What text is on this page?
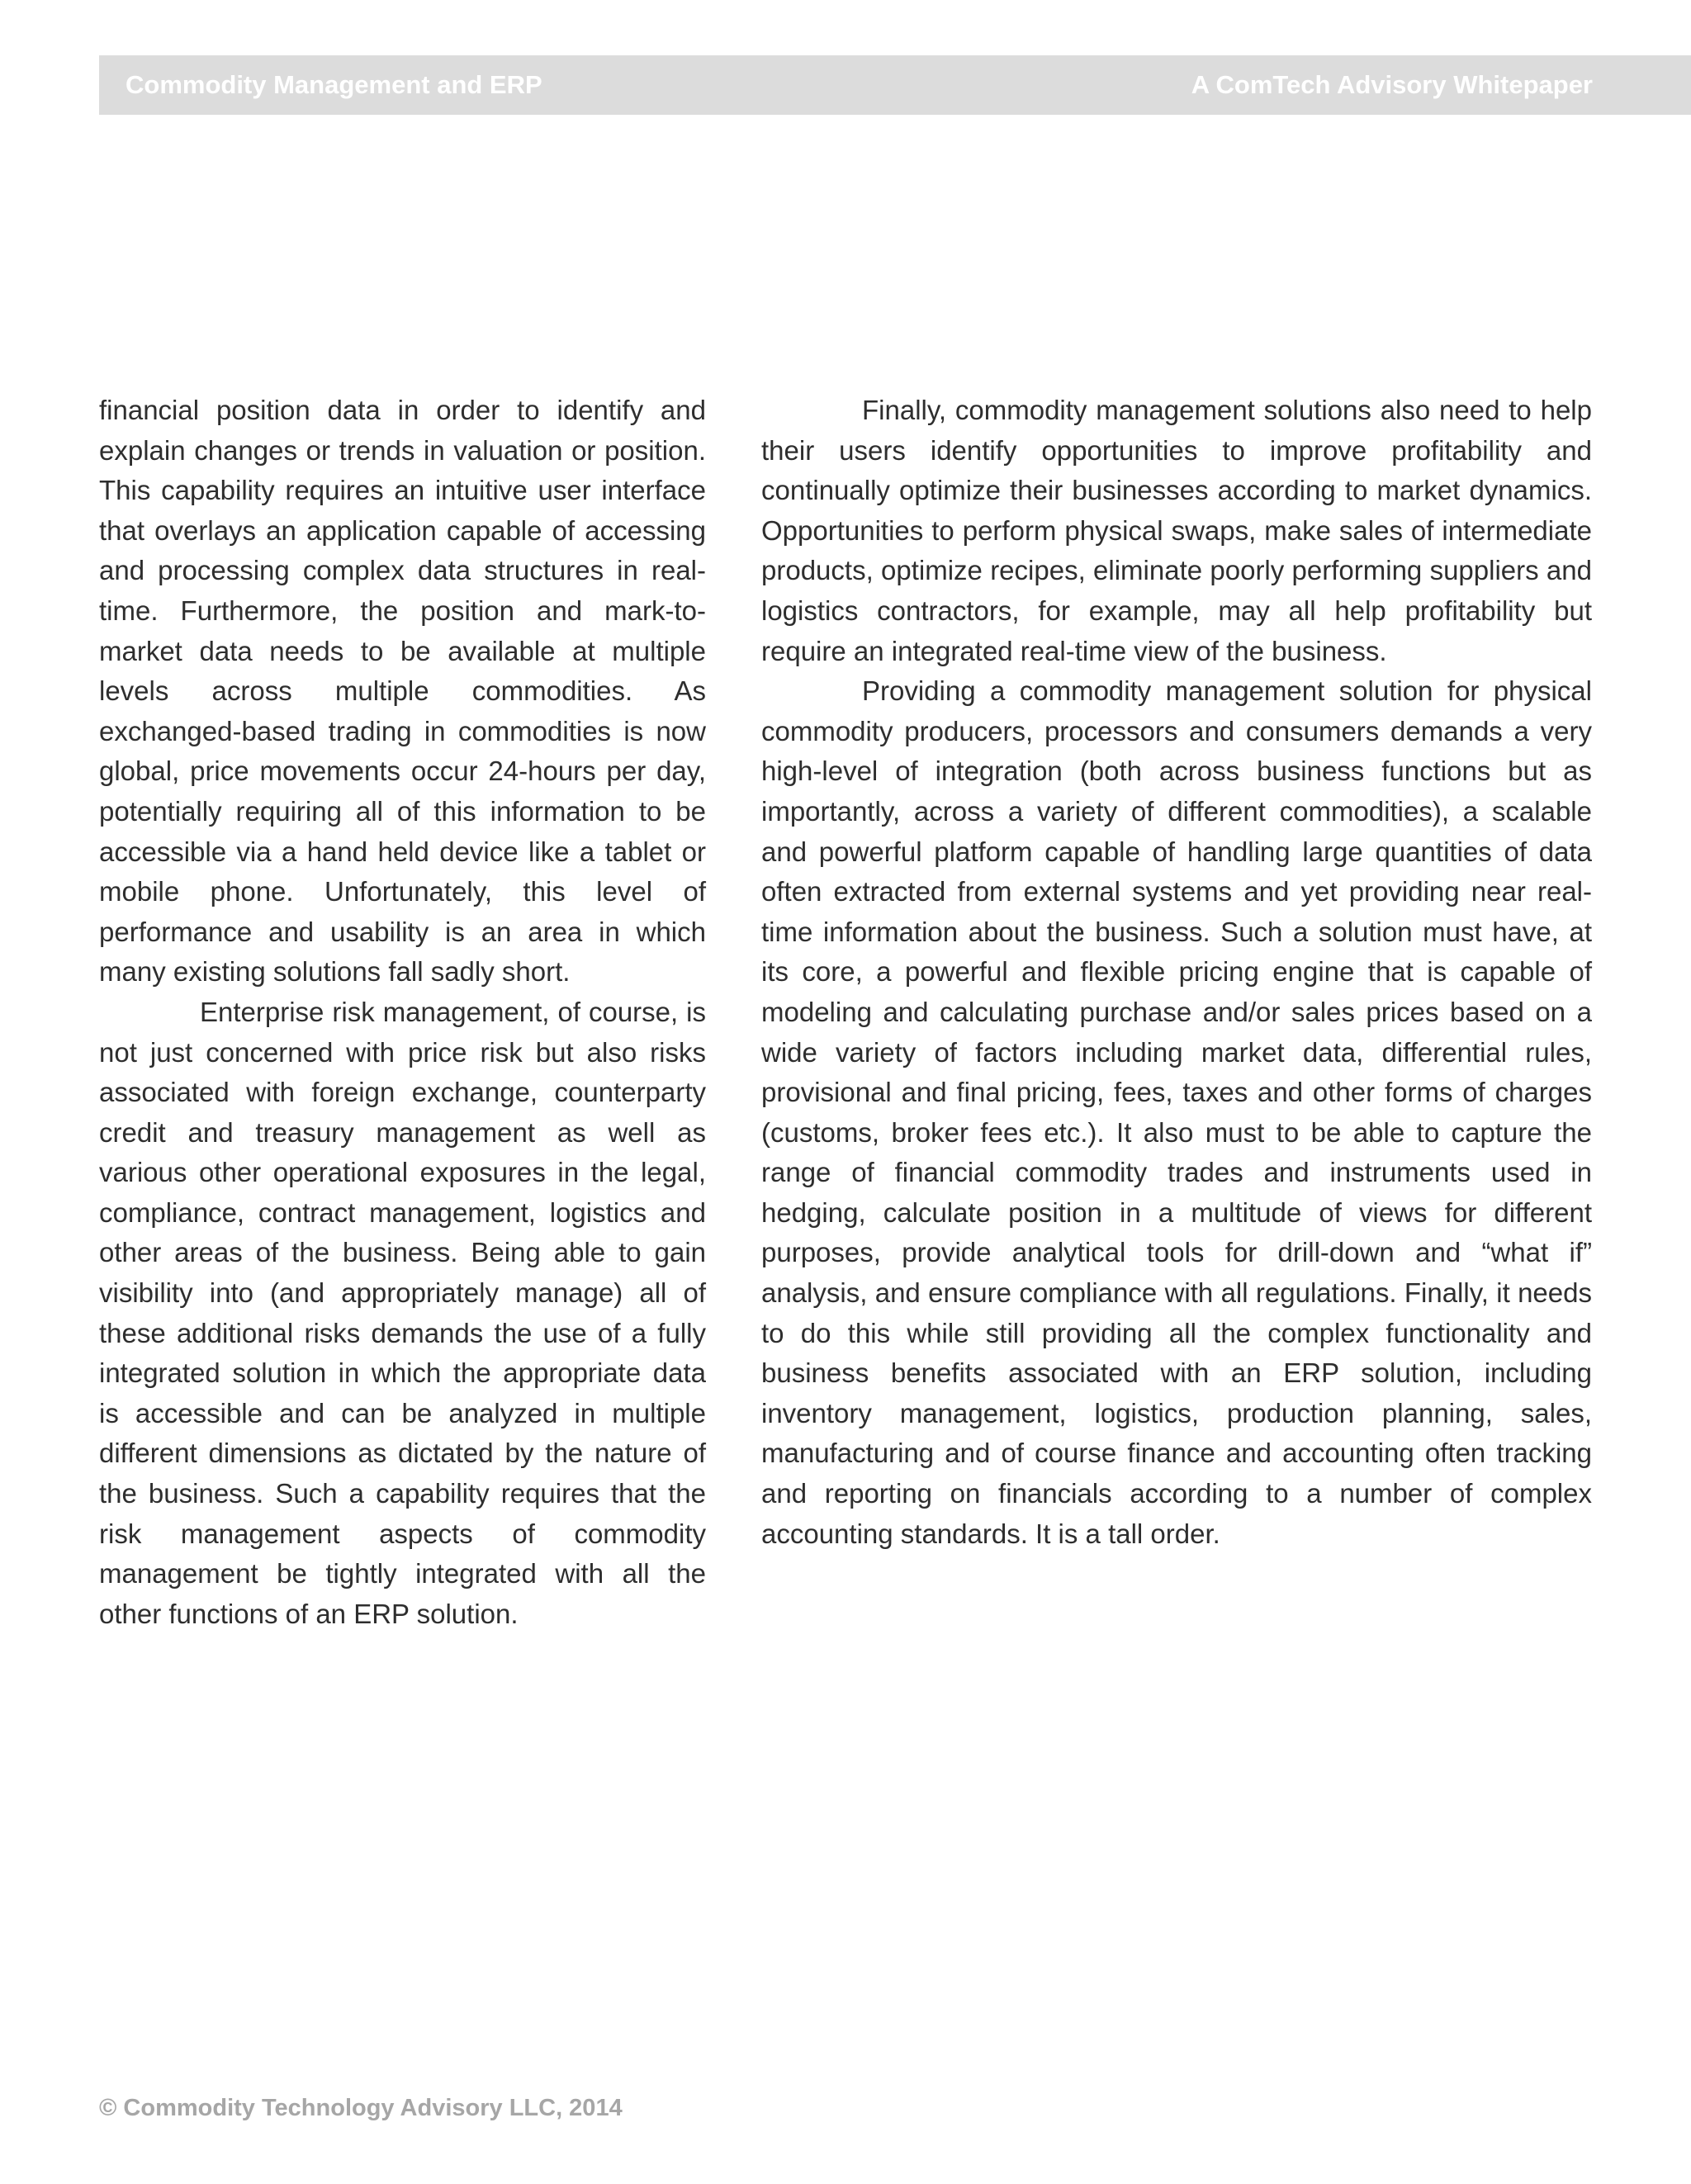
Commodity Management and ERP	A ComTech Advisory Whitepaper

financial position data in order to identify and explain changes or trends in valuation or position. This capability requires an intuitive user interface that overlays an application capable of accessing and processing complex data structures in real-time. Furthermore, the position and mark-to-market data needs to be available at multiple levels across multiple commodities. As exchanged-based trading in commodities is now global, price movements occur 24-hours per day, potentially requiring all of this information to be accessible via a hand held device like a tablet or mobile phone. Unfortunately, this level of performance and usability is an area in which many existing solutions fall sadly short.

Enterprise risk management, of course, is not just concerned with price risk but also risks associated with foreign exchange, counterparty credit and treasury management as well as various other operational exposures in the legal, compliance, contract management, logistics and other areas of the business. Being able to gain visibility into (and appropriately manage) all of these additional risks demands the use of a fully integrated solution in which the appropriate data is accessible and can be analyzed in multiple different dimensions as dictated by the nature of the business. Such a capability requires that the risk management aspects of commodity management be tightly integrated with all the other functions of an ERP solution.

Finally, commodity management solutions also need to help their users identify opportunities to improve profitability and continually optimize their businesses according to market dynamics. Opportunities to perform physical swaps, make sales of intermediate products, optimize recipes, eliminate poorly performing suppliers and logistics contractors, for example, may all help profitability but require an integrated real-time view of the business.

Providing a commodity management solution for physical commodity producers, processors and consumers demands a very high-level of integration (both across business functions but as importantly, across a variety of different commodities), a scalable and powerful platform capable of handling large quantities of data often extracted from external systems and yet providing near real-time information about the business. Such a solution must have, at its core, a powerful and flexible pricing engine that is capable of modeling and calculating purchase and/or sales prices based on a wide variety of factors including market data, differential rules, provisional and final pricing, fees, taxes and other forms of charges (customs, broker fees etc.). It also must to be able to capture the range of financial commodity trades and instruments used in hedging, calculate position in a multitude of views for different purposes, provide analytical tools for drill-down and “what if” analysis, and ensure compliance with all regulations. Finally, it needs to do this while still providing all the complex functionality and business benefits associated with an ERP solution, including inventory management, logistics, production planning, sales, manufacturing and of course finance and accounting often tracking and reporting on financials according to a number of complex accounting standards. It is a tall order.

© Commodity Technology Advisory LLC, 2014
